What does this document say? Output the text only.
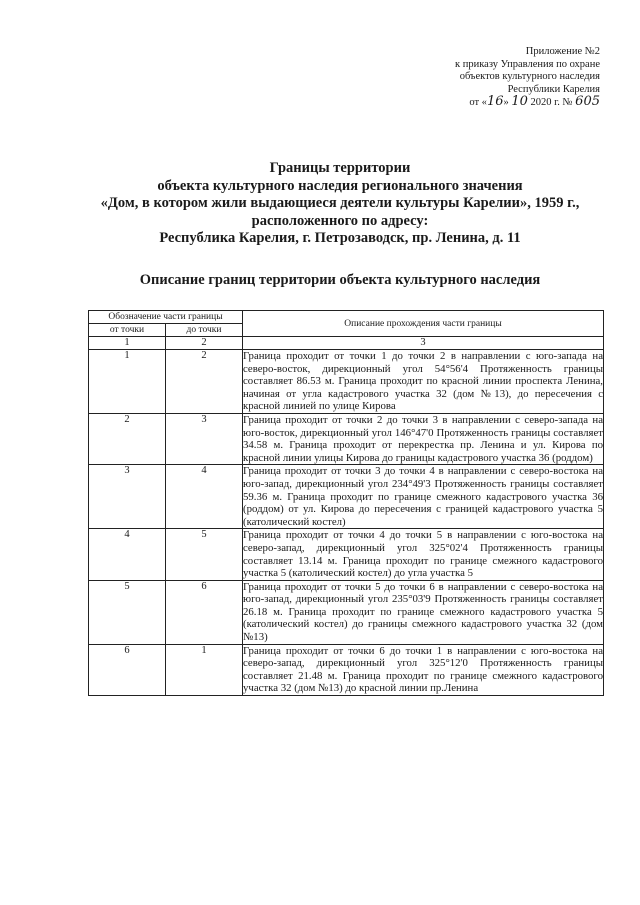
Приложение №2
к приказу Управления по охране
объектов культурного наследия
Республики Карелия
от «16» 10 2020 г. № 605
Границы территории
объекта культурного наследия регионального значения
«Дом, в котором жили выдающиеся деятели культуры Карелии», 1959 г.,
расположенного по адресу:
Республика Карелия, г. Петрозаводск, пр. Ленина, д. 11
Описание границ территории объекта культурного наследия
Обозначение части границы		Описание прохождения части границы
от точки	до точки	
1	2	3
1	2	Граница проходит от точки 1 до точки 2 в направлении с юго-запада на северо-восток, дирекционный угол 54°56'4 Протяженность границы составляет 86.53 м. Граница проходит по красной линии проспекта Ленина, начиная от угла кадастрового участка 32 (дом №13), до пересечения с красной линией по улице Кирова
2	3	Граница проходит от точки 2 до точки 3 в направлении с северо-запада на юго-восток, дирекционный угол 146°47'0 Протяженность границы составляет 34.58 м. Граница проходит от перекрестка пр. Ленина и ул. Кирова по красной линии улицы Кирова до границы кадастрового участка 36 (роддом)
3	4	Граница проходит от точки 3 до точки 4 в направлении с северо-востока на юго-запад, дирекционный угол 234°49'3 Протяженность границы составляет 59.36 м. Граница проходит по границе смежного кадастрового участка 36 (роддом) от ул. Кирова до пересечения с границей кадастрового участка 5 (католический костел)
4	5	Граница проходит от точки 4 до точки 5 в направлении с юго-востока на северо-запад, дирекционный угол 325°02'4 Протяженность границы составляет 13.14 м. Граница проходит по границе смежного кадастрового участка 5 (католический костел) до угла участка 5
5	6	Граница проходит от точки 5 до точки 6 в направлении с северо-востока на юго-запад, дирекционный угол 235°03'9 Протяженность границы составляет 26.18 м. Граница проходит по границе смежного кадастрового участка 5 (католический костел) до границы смежного кадастрового участка 32 (дом №13)
6	1	Граница проходит от точки 6 до точки 1 в направлении с юго-востока на северо-запад, дирекционный угол 325°12'0 Протяженность границы составляет 21.48 м. Граница проходит по границе смежного кадастрового участка 32 (дом №13) до красной линии пр.Ленина
